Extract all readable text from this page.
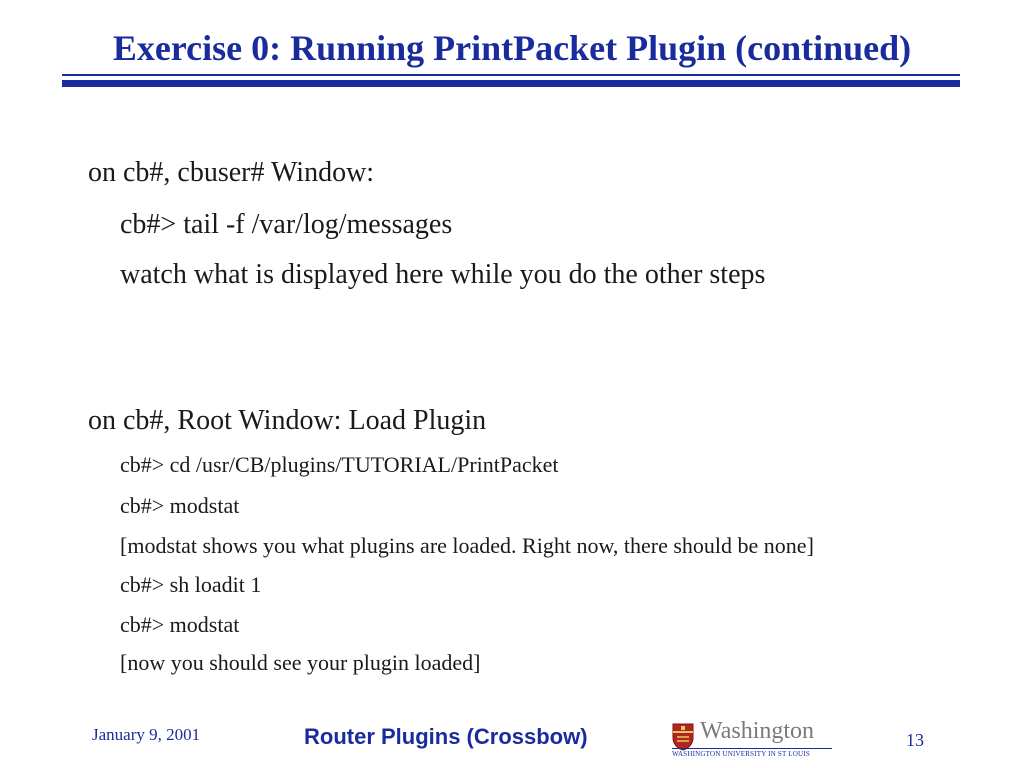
Exercise 0: Running PrintPacket Plugin (continued)

on cb#, cbuser# Window:

cb#> tail -f /var/log/messages

watch what is displayed here while you do the other steps

on cb#, Root Window: Load Plugin

cb#> cd /usr/CB/plugins/TUTORIAL/PrintPacket

cb#> modstat

[modstat shows you what plugins are loaded. Right now, there should be none]

cb#> sh loadit 1

cb#> modstat

[now you should see your plugin loaded]

January 9, 2001	Router Plugins (Crossbow)	Washington
WASHINGTON UNIVERSITY IN ST LOUIS
13
